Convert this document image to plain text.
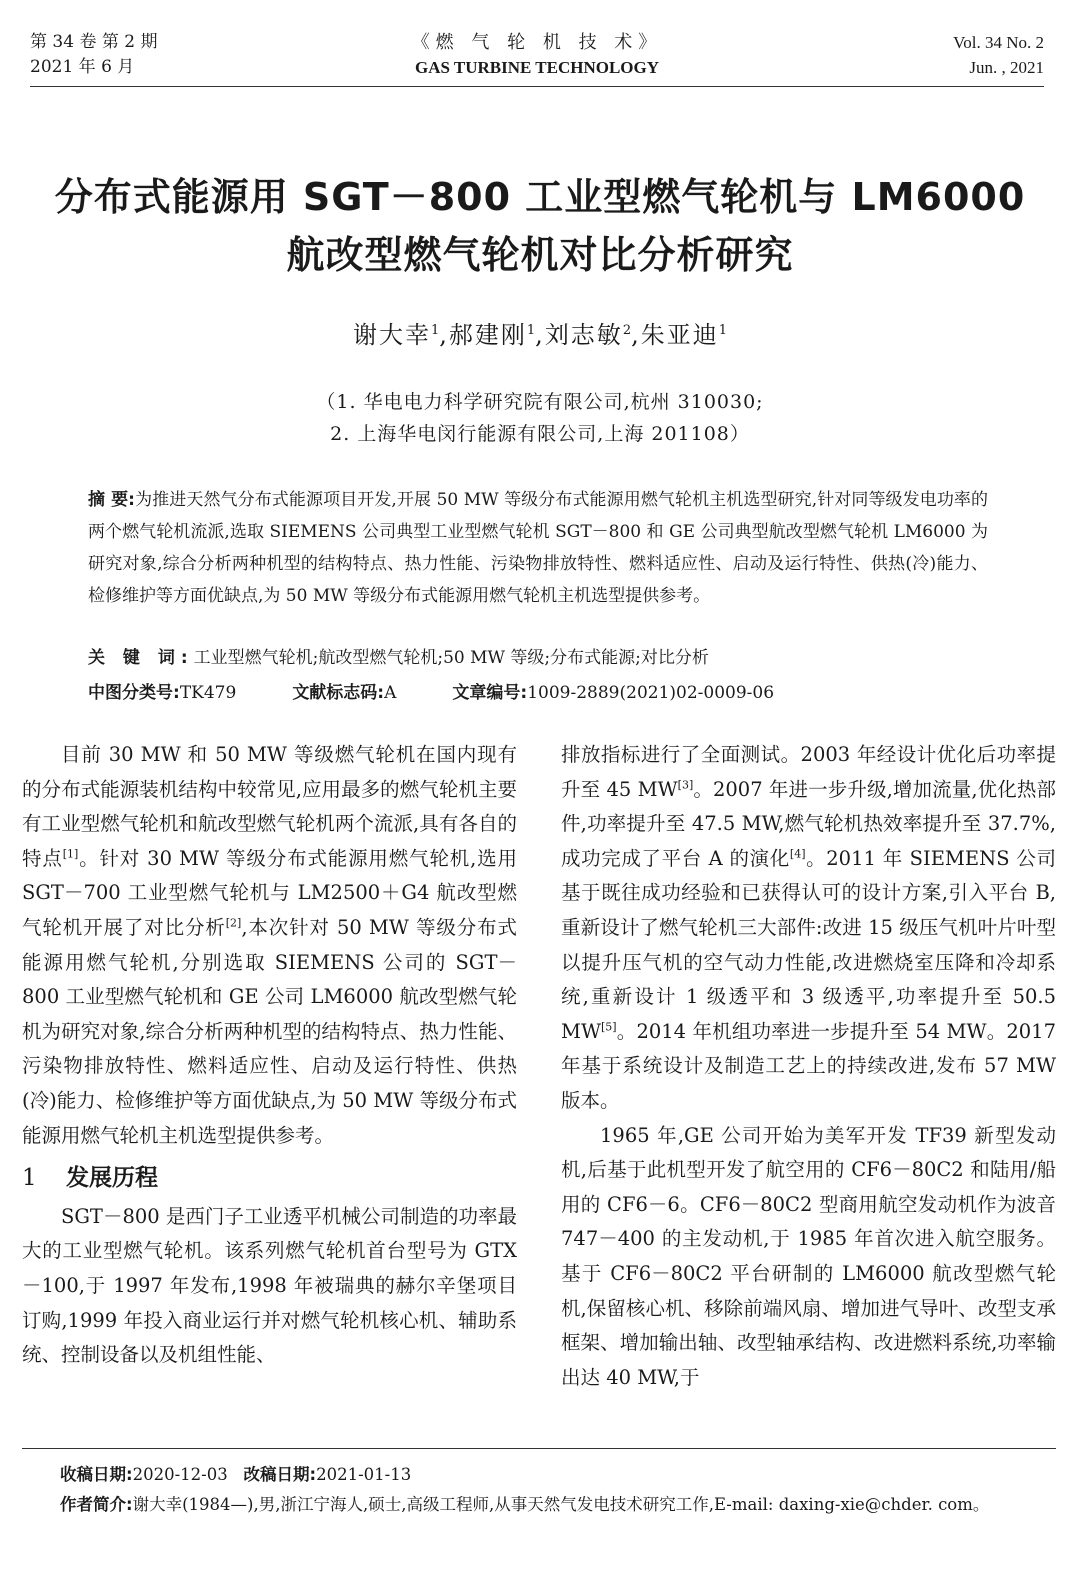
第 34 卷 第 2 期
2021 年 6 月
《燃 气 轮 机 技 术》
GAS TURBINE TECHNOLOGY
Vol. 34 No. 2
Jun. , 2021
分布式能源用 SGT－800 工业型燃气轮机与 LM6000
航改型燃气轮机对比分析研究
谢大幸$^1$,郝建刚$^1$,刘志敏$^2$,朱亚迪$^1$
（1. 华电电力科学研究院有限公司,杭州 310030;
2. 上海华电闵行能源有限公司,上海 201108）
摘 要:为推进天然气分布式能源项目开发,开展 50 MW 等级分布式能源用燃气轮机主机选型研究,针对同等级发电功率的两个燃气轮机流派,选取 SIEMENS 公司典型工业型燃气轮机 SGT－800 和 GE 公司典型航改型燃气轮机 LM6000 为研究对象,综合分析两种机型的结构特点、热力性能、污染物排放特性、燃料适应性、启动及运行特性、供热(冷)能力、检修维护等方面优缺点,为 50 MW 等级分布式能源用燃气轮机主机选型提供参考。
关 键 词:工业型燃气轮机;航改型燃气轮机;50 MW 等级;分布式能源;对比分析
中图分类号:TK479	文献标志码:A	文章编号:1009-2889(2021)02-0009-06

目前 30 MW 和 50 MW 等级燃气轮机在国内现有的分布式能源装机结构中较常见,应用最多的燃气轮机主要有工业型燃气轮机和航改型燃气轮机两个流派,具有各自的特点[1]。针对 30 MW 等级分布式能源用燃气轮机,选用 SGT－700 工业型燃气轮机与 LM2500＋G4 航改型燃气轮机开展了对比分析[2],本次针对 50 MW 等级分布式能源用燃气轮机,分别选取 SIEMENS 公司的 SGT－800 工业型燃气轮机和 GE 公司 LM6000 航改型燃气轮机为研究对象,综合分析两种机型的结构特点、热力性能、污染物排放特性、燃料适应性、启动及运行特性、供热(冷)能力、检修维护等方面优缺点,为 50 MW 等级分布式能源用燃气轮机主机选型提供参考。

1 发展历程

SGT－800 是西门子工业透平机械公司制造的功率最大的工业型燃气轮机。该系列燃气轮机首台型号为 GTX－100,于 1997 年发布,1998 年被瑞典的赫尔辛堡项目订购,1999 年投入商业运行并对燃气轮机核心机、辅助系统、控制设备以及机组性能、

排放指标进行了全面测试。2003 年经设计优化后功率提升至 45 MW[3]。2007 年进一步升级,增加流量,优化热部件,功率提升至 47.5 MW,燃气轮机热效率提升至 37.7%,成功完成了平台 A 的演化[4]。2011 年 SIEMENS 公司基于既往成功经验和已获得认可的设计方案,引入平台 B,重新设计了燃气轮机三大部件:改进 15 级压气机叶片叶型以提升压气机的空气动力性能,改进燃烧室压降和冷却系统,重新设计 1 级透平和 3 级透平,功率提升至 50.5 MW[5]。2014 年机组功率进一步提升至 54 MW。2017 年基于系统设计及制造工艺上的持续改进,发布 57 MW 版本。

1965 年,GE 公司开始为美军开发 TF39 新型发动机,后基于此机型开发了航空用的 CF6－80C2 和陆用/船用的 CF6－6。CF6－80C2 型商用航空发动机作为波音 747－400 的主发动机,于 1985 年首次进入航空服务。基于 CF6－80C2 平台研制的 LM6000 航改型燃气轮机,保留核心机、移除前端风扇、增加进气导叶、改型支承框架、增加输出轴、改型轴承结构、改进燃料系统,功率输出达 40 MW,于

收稿日期:2020-12-03 改稿日期:2021-01-13
作者简介:谢大幸(1984—),男,浙江宁海人,硕士,高级工程师,从事天然气发电技术研究工作,E-mail: daxing-xie@chder. com。
